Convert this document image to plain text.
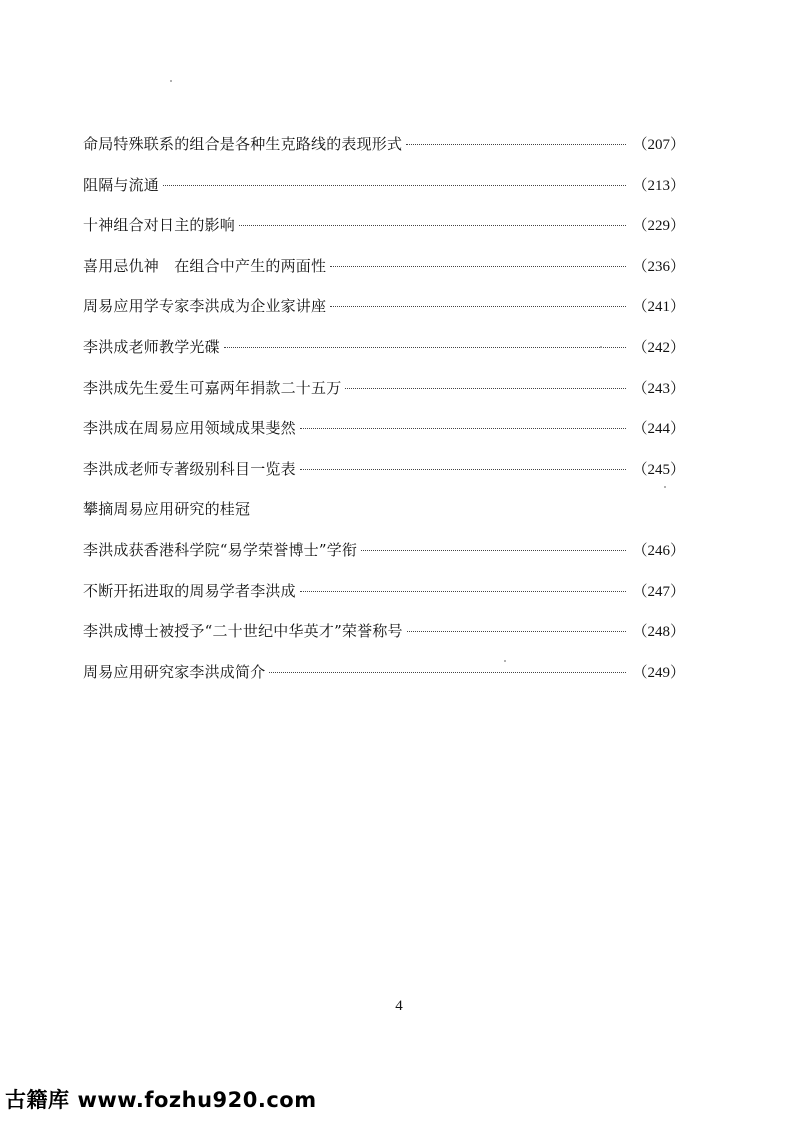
命局特殊联系的组合是各种生克路线的表现形式	（207）
阻隔与流通	（213）
十神组合对日主的影响	（229）
喜用忌仇神　在组合中产生的两面性	（236）
周易应用学专家李洪成为企业家讲座	（241）
李洪成老师教学光碟	（242）
李洪成先生爱生可嘉两年捐款二十五万	（243）
李洪成在周易应用领域成果斐然	（244）
李洪成老师专著级别科目一览表	（245）
攀摘周易应用研究的桂冠
李洪成获香港科学院“易学荣誉博士”学衔	（246）
不断开拓进取的周易学者李洪成	（247）
李洪成博士被授予“二十世纪中华英才”荣誉称号	（248）
周易应用研究家李洪成简介	（249）
4
古籍库 www.fozhu920.com
